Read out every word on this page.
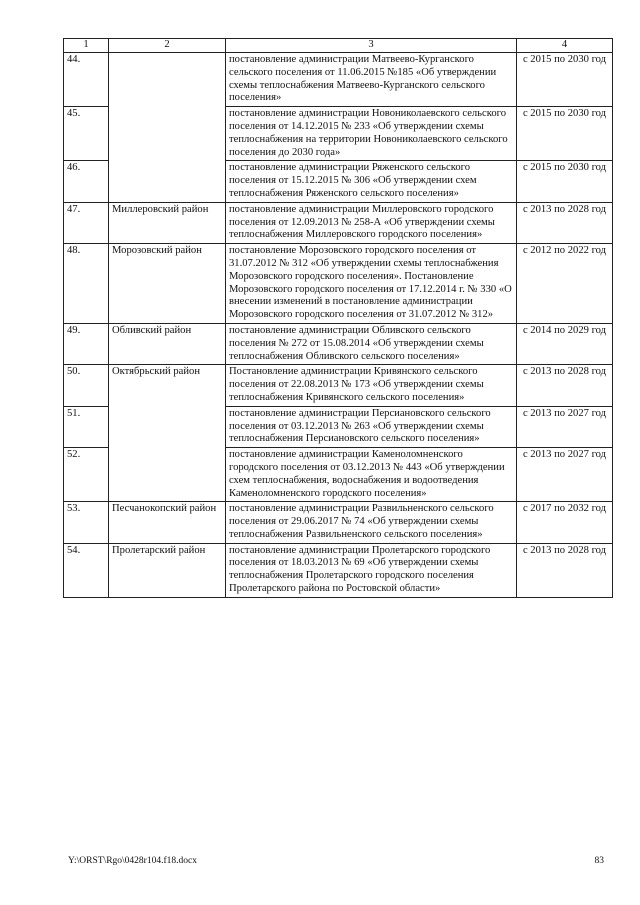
1	2	3	4
44.		постановление администрации Матвеево-Курганского сельского поселения от 11.06.2015 №185 «Об утверждении схемы теплоснабжения Матвеево-Курганского сельского поселения»	с 2015 по 2030 год
45.		постановление администрации Новониколаевского сельского поселения от 14.12.2015 № 233 «Об утверждении схемы теплоснабжения на территории Новониколаевского сельского поселения до 2030 года»	с 2015 по 2030 год
46.		постановление администрации Ряженского сельского поселения от 15.12.2015 № 306 «Об утверждении схем теплоснабжения Ряженского сельского поселения»	с 2015 по 2030 год
47.	Миллеровский район	постановление администрации Миллеровского городского поселения от 12.09.2013 № 258-А «Об утверждении схемы теплоснабжения Миллеровского городского поселения»	с 2013 по 2028 год
48.	Морозовский район	постановление Морозовского городского поселения от 31.07.2012 № 312 «Об утверждении схемы теплоснабжения Морозовского городского поселения». Постановление Морозовского городского поселения от 17.12.2014 г. № 330 «О внесении изменений в постановление администрации Морозовского городского поселения от 31.07.2012 № 312»	с 2012 по 2022 год
49.	Обливский район	постановление администрации Обливского сельского поселения № 272 от 15.08.2014 «Об утверждении схемы теплоснабжения Обливского сельского поселения»	с 2014 по 2029 год
50.	Октябрьский район	Постановление администрации Кривянского сельского поселения от 22.08.2013 № 173 «Об утверждении схемы теплоснабжения Кривянского сельского поселения»	с 2013 по 2028 год
51.		постановление администрации Персиановского сельского поселения от 03.12.2013 № 263 «Об утверждении схемы теплоснабжения Персиановского сельского поселения»	с 2013 по 2027 год
52.		постановление администрации Каменоломненского городского поселения от 03.12.2013 № 443 «Об утверждении схем теплоснабжения, водоснабжения и водоотведения Каменоломненского городского поселения»	с 2013 по 2027 год
53.	Песчанокопский район	постановление администрации Развильненского сельского поселения от 29.06.2017 № 74 «Об утверждении схемы теплоснабжения Развильненского сельского поселения»	с 2017 по 2032 год
54.	Пролетарский район	постановление администрации Пролетарского городского поселения от 18.03.2013 № 69 «Об утверждении схемы теплоснабжения Пролетарского городского поселения Пролетарского района по Ростовской области»	с 2013 по 2028 год
Y:\ORST\Rgo\0428r104.f18.docx	83
